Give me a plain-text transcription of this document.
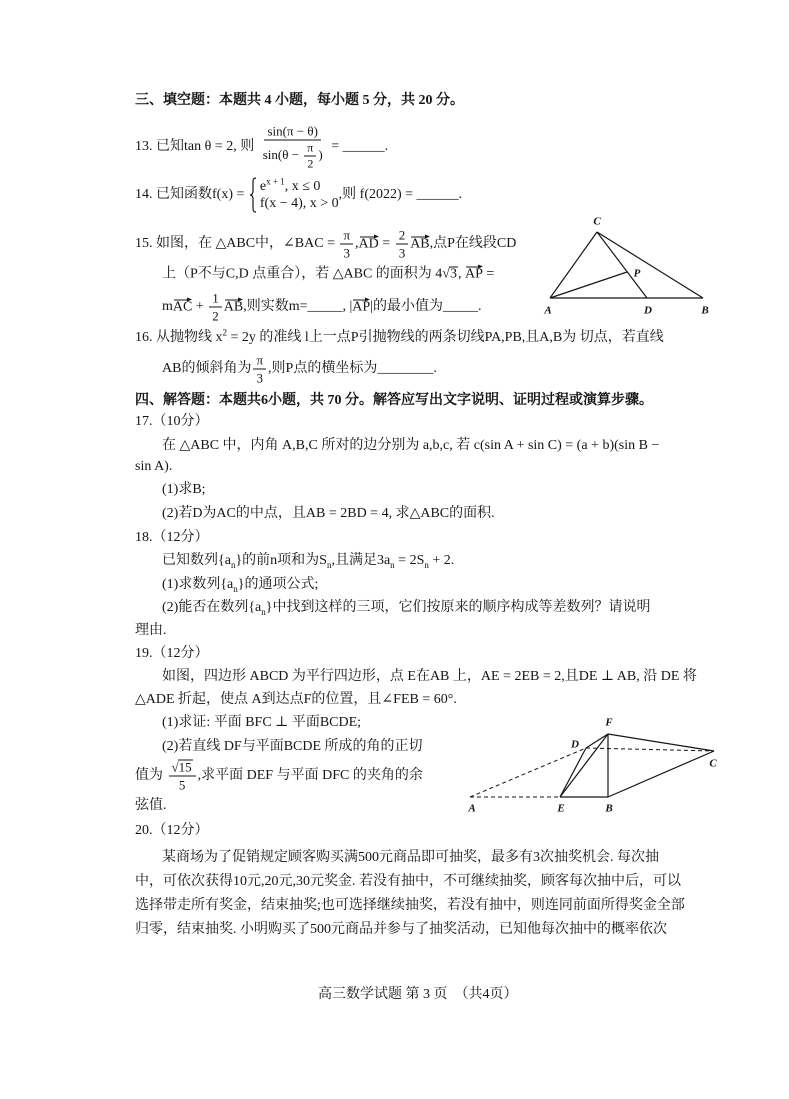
三、填空题：本题共 4 小题，每小题 5 分，共 20 分。
13. 已知tan θ = 2, 则 $\frac{\sin(\pi - \theta)}{\sin(\theta - \frac{\pi}{2} )}$ = ______.
14. 已知函数f(x) =
$e^{x + 1}$, x ≤ 0
f(x − 4), x > 0
,则 f(2022) = ______.
15. 如图，在 △ABC中，∠BAC = $\frac{\pi}{3} ,AD = \frac{2}{3}$ AB,点P在线段CD
上（P不与C,D 点重合），若 △ABC 的面积为 4√3, AP =
mAC + $\frac{1}{2}$ AB,则实数m=_____, |AP|的最小值为_____.
C
P
A	D	B
16. 从抛物线 $x^2 = 2y$ 的准线 l上一点P引抛物线的两条切线PA,PB,且A,B为 切点，若直线
AB的倾斜角为 $\frac{\pi}{3}$ ,则P点的横坐标为________.
四、解答题：本题共6小题，共 70 分。解答应写出文字说明、证明过程或演算步骤。
17.（10分）
在 △ABC 中，内角 A,B,C 所对的边分别为 a,b,c, 若 c(sin A + sin C) = (a + b)(sin B −
sin A).
(1)求B;
(2)若D为AC的中点，且AB = 2BD = 4, 求△ABC的面积.
18.（12分）
已知数列$\{a_n\}$的前n项和为$S_n$,且满足$3a_n = 2S_n + 2$.
(1)求数列$\{a_n\}$的通项公式;
(2)能否在数列$\{a_n\}$中找到这样的三项，它们按原来的顺序构成等差数列？请说明
理由.
19.（12分）
如图，四边形 ABCD 为平行四边形，点 E在AB 上，AE = 2EB = 2,且DE ⊥ AB, 沿 DE 将
△ADE 折起，使点 A到达点F的位置，且∠FEB = 60°.
(1)求证: 平面 BFC ⊥ 平面BCDE;
(2)若直线 DF与平面BCDE 所成的角的正切
值为 $\frac{√15}{5}$ ,求平面 DEF 与平面 DFC 的夹角的余
弦值.
F
D
C
A	E	B
20.（12分）
某商场为了促销规定顾客购买满500元商品即可抽奖，最多有3次抽奖机会. 每次抽
中，可依次获得10元,20元,30元奖金. 若没有抽中，不可继续抽奖，顾客每次抽中后，可以
选择带走所有奖金，结束抽奖;也可选择继续抽奖，若没有抽中，则连同前面所得奖金全部
归零，结束抽奖. 小明购买了500元商品并参与了抽奖活动，已知他每次抽中的概率依次
高三数学试题 第 3 页  （共4页）
